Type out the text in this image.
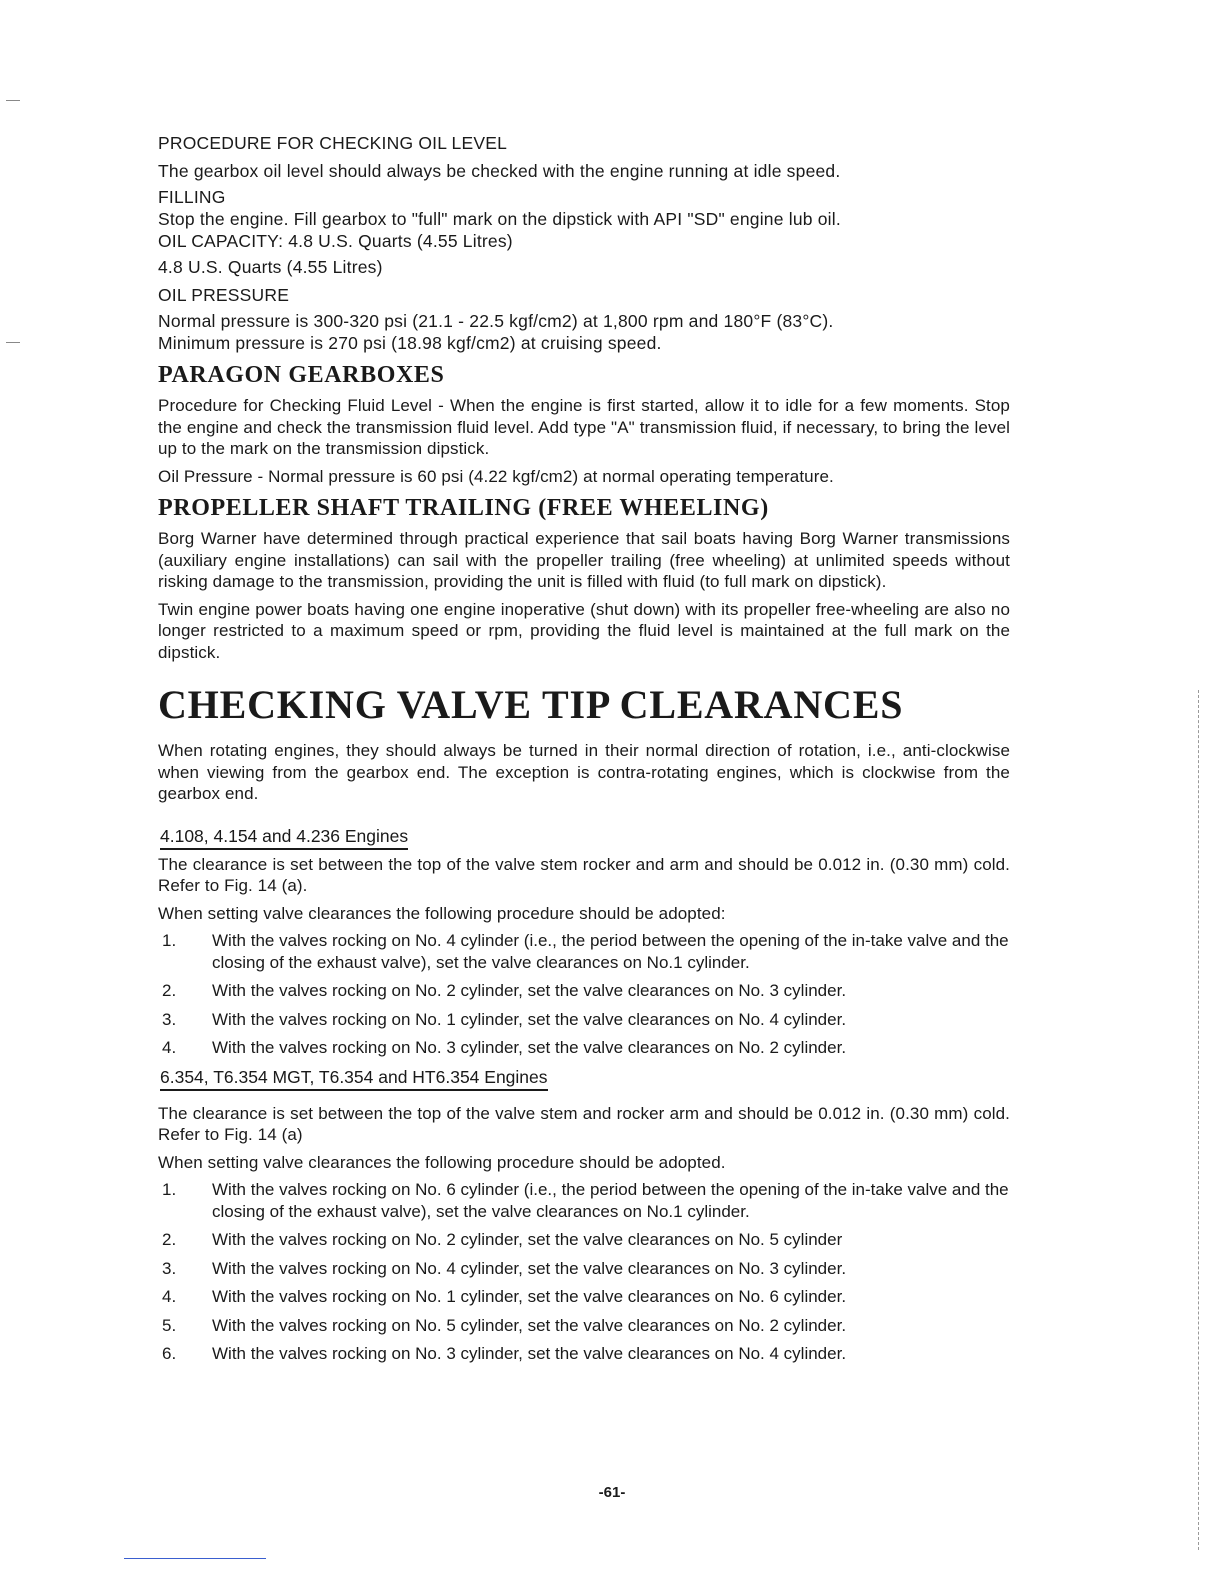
PROCEDURE FOR CHECKING OIL LEVEL

The gearbox oil level should always be checked with the engine running at idle speed.

FILLING

Stop the engine. Fill gearbox to "full" mark on the dipstick with API "SD" engine lub oil.

OIL CAPACITY: 4.8 U.S. Quarts (4.55 Litres)

4.8 U.S. Quarts (4.55 Litres)

OIL PRESSURE

Normal pressure is 300-320 psi (21.1 - 22.5 kgf/cm2) at 1,800 rpm and 180°F (83°C).

Minimum pressure is 270 psi (18.98 kgf/cm2) at cruising speed.

PARAGON GEARBOXES

Procedure for Checking Fluid Level - When the engine is first started, allow it to idle for a few moments. Stop the engine and check the transmission fluid level. Add type "A" transmission fluid, if necessary, to bring the level up to the mark on the transmission dipstick.

Oil Pressure - Normal pressure is 60 psi (4.22 kgf/cm2) at normal operating temperature.

PROPELLER SHAFT TRAILING (FREE WHEELING)

Borg Warner have determined through practical experience that sail boats having Borg Warner transmissions (auxiliary engine installations) can sail with the propeller trailing (free wheeling) at unlimited speeds without risking damage to the transmission, providing the unit is filled with fluid (to full mark on dipstick).

Twin engine power boats having one engine inoperative (shut down) with its propeller free-wheeling are also no longer restricted to a maximum speed or rpm, providing the fluid level is maintained at the full mark on the dipstick.

CHECKING VALVE TIP CLEARANCES

When rotating engines, they should always be turned in their normal direction of rotation, i.e., anti-clockwise when viewing from the gearbox end. The exception is contra-rotating engines, which is clockwise from the gearbox end.

4.108, 4.154 and 4.236 Engines

The clearance is set between the top of the valve stem rocker and arm and should be 0.012 in. (0.30 mm) cold. Refer to Fig. 14 (a).

When setting valve clearances the following procedure should be adopted:

1.	With the valves rocking on No. 4 cylinder (i.e., the period between the opening of the in-take valve and the closing of the exhaust valve), set the valve clearances on No.1 cylinder.
2.	With the valves rocking on No. 2 cylinder, set the valve clearances on No. 3 cylinder.
3.	With the valves rocking on No. 1 cylinder, set the valve clearances on No. 4 cylinder.
4.	With the valves rocking on No. 3 cylinder, set the valve clearances on No. 2 cylinder.
6.354, T6.354 MGT, T6.354 and HT6.354 Engines

The clearance is set between the top of the valve stem and rocker arm and should be 0.012 in. (0.30 mm) cold. Refer to Fig. 14 (a)

When setting valve clearances the following procedure should be adopted.

1.	With the valves rocking on No. 6 cylinder (i.e., the period between the opening of the in-take valve and the closing of the exhaust valve), set the valve clearances on No.1 cylinder.
2.	With the valves rocking on No. 2 cylinder, set the valve clearances on No. 5 cylinder
3.	With the valves rocking on No. 4 cylinder, set the valve clearances on No. 3 cylinder.
4.	With the valves rocking on No. 1 cylinder, set the valve clearances on No. 6 cylinder.
5.	With the valves rocking on No. 5 cylinder, set the valve clearances on No. 2 cylinder.
6.	With the valves rocking on No. 3 cylinder, set the valve clearances on No. 4 cylinder.
-61-
